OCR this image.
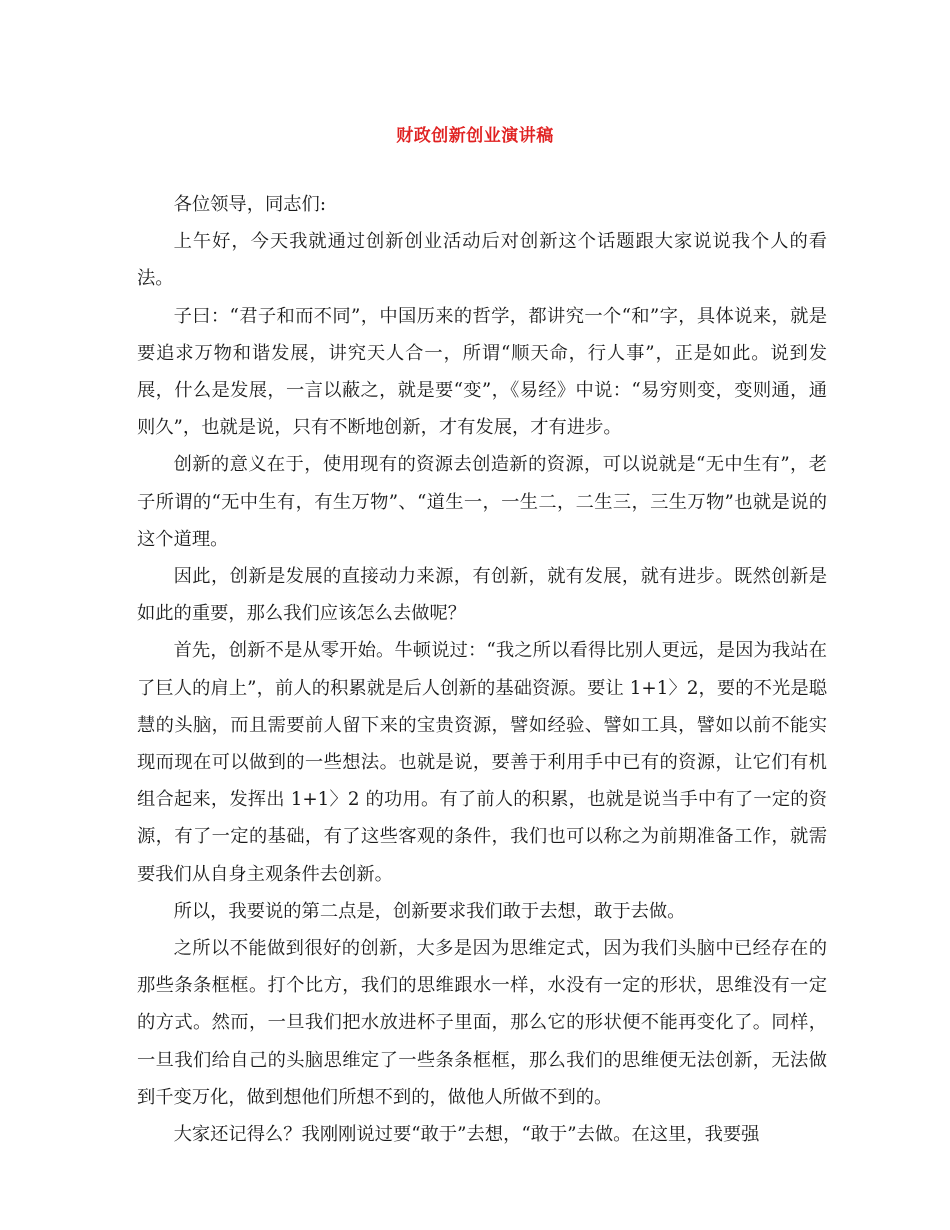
财政创新创业演讲稿

各位领导，同志们:

上午好，今天我就通过创新创业活动后对创新这个话题跟大家说说我个人的看法。

子曰：“君子和而不同”，中国历来的哲学，都讲究一个“和”字，具体说来，就是要追求万物和谐发展，讲究天人合一，所谓“顺天命，行人事”，正是如此。说到发展，什么是发展，一言以蔽之，就是要“变”，《易经》中说：“易穷则变，变则通，通则久”，也就是说，只有不断地创新，才有发展，才有进步。

创新的意义在于，使用现有的资源去创造新的资源，可以说就是“无中生有”，老子所谓的“无中生有，有生万物”、“道生一，一生二，二生三，三生万物”也就是说的这个道理。

因此，创新是发展的直接动力来源，有创新，就有发展，就有进步。既然创新是如此的重要，那么我们应该怎么去做呢？

首先，创新不是从零开始。牛顿说过：“我之所以看得比别人更远，是因为我站在了巨人的肩上”，前人的积累就是后人创新的基础资源。要让 1+1〉2，要的不光是聪慧的头脑，而且需要前人留下来的宝贵资源，譬如经验、譬如工具，譬如以前不能实现而现在可以做到的一些想法。也就是说，要善于利用手中已有的资源，让它们有机组合起来，发挥出 1+1〉2 的功用。有了前人的积累，也就是说当手中有了一定的资源，有了一定的基础，有了这些客观的条件，我们也可以称之为前期准备工作，就需要我们从自身主观条件去创新。

所以，我要说的第二点是，创新要求我们敢于去想，敢于去做。

之所以不能做到很好的创新，大多是因为思维定式，因为我们头脑中已经存在的那些条条框框。打个比方，我们的思维跟水一样，水没有一定的形状，思维没有一定的方式。然而，一旦我们把水放进杯子里面，那么它的形状便不能再变化了。同样，一旦我们给自己的头脑思维定了一些条条框框，那么我们的思维便无法创新，无法做到千变万化，做到想他们所想不到的，做他人所做不到的。

大家还记得么？我刚刚说过要“敢于”去想，“敢于”去做。在这里，我要强
